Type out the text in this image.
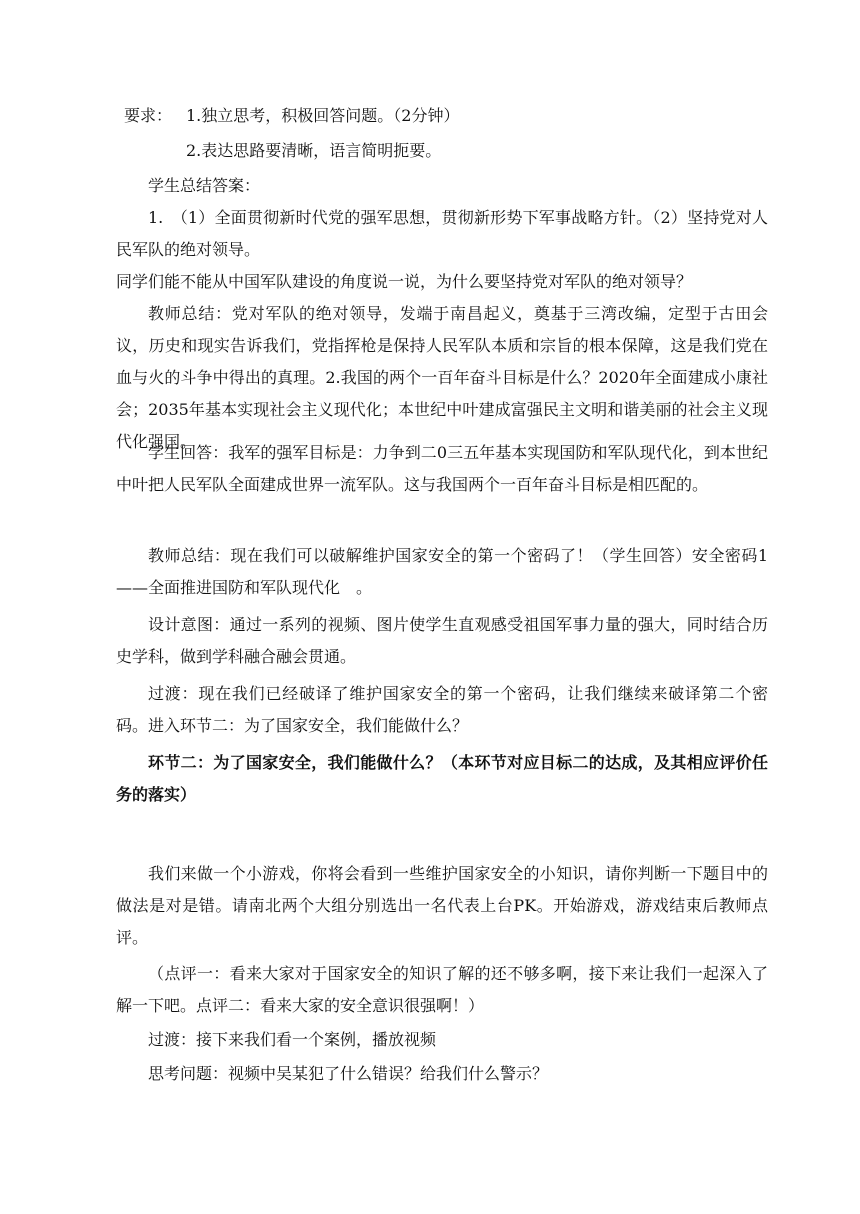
要求： 1.独立思考，积极回答问题。（2分钟）
2.表达思路要清晰，语言简明扼要。

学生总结答案：

1.　（1）全面贯彻新时代党的强军思想，贯彻新形势下军事战略方针。（2）坚持党对人民军队的绝对领导。

同学们能不能从中国军队建设的角度说一说，为什么要坚持党对军队的绝对领导？

教师总结：党对军队的绝对领导，发端于南昌起义，奠基于三湾改编，定型于古田会议，历史和现实告诉我们，党指挥枪是保持人民军队本质和宗旨的根本保障，这是我们党在血与火的斗争中得出的真理。2.我国的两个一百年奋斗目标是什么？2020年全面建成小康社会；2035年基本实现社会主义现代化；本世纪中叶建成富强民主文明和谐美丽的社会主义现代化强国。

学生回答：我军的强军目标是：力争到二0三五年基本实现国防和军队现代化，到本世纪中叶把人民军队全面建成世界一流军队。这与我国两个一百年奋斗目标是相匹配的。

教师总结：现在我们可以破解维护国家安全的第一个密码了！（学生回答）安全密码1——全面推进国防和军队现代化　。

设计意图：通过一系列的视频、图片使学生直观感受祖国军事力量的强大，同时结合历史学科，做到学科融合融会贯通。

过渡：现在我们已经破译了维护国家安全的第一个密码，让我们继续来破译第二个密码。进入环节二：为了国家安全，我们能做什么？

环节二：为了国家安全，我们能做什么？（本环节对应目标二的达成，及其相应评价任务的落实）

我们来做一个小游戏，你将会看到一些维护国家安全的小知识，请你判断一下题目中的做法是对是错。请南北两个大组分别选出一名代表上台PK。开始游戏，游戏结束后教师点评。

（点评一：看来大家对于国家安全的知识了解的还不够多啊，接下来让我们一起深入了解一下吧。点评二：看来大家的安全意识很强啊！）

过渡：接下来我们看一个案例，播放视频

思考问题：视频中吴某犯了什么错误？给我们什么警示？
